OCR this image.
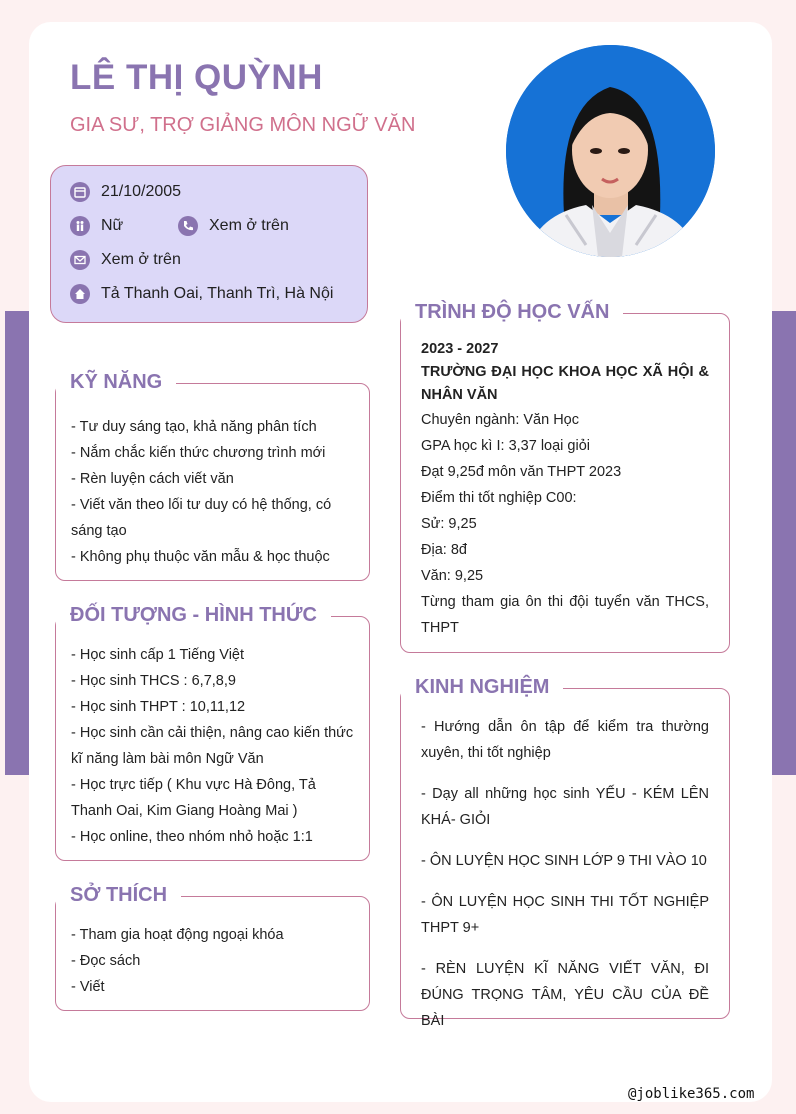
LÊ THỊ QUỲNH
GIA SƯ, TRỢ GIẢNG MÔN NGỮ VĂN
21/10/2005
Nữ	Xem ở trên
Xem ở trên
Tả Thanh Oai, Thanh Trì, Hà Nội
KỸ NĂNG
- Tư duy sáng tạo, khả năng phân tích
- Nắm chắc kiến thức chương trình mới
- Rèn luyện cách viết văn
- Viết văn theo lối tư duy có hệ thống, có sáng tạo
- Không phụ thuộc văn mẫu & học thuộc
ĐỐI TƯỢNG - HÌNH THỨC
- Học sinh cấp 1 Tiếng Việt
- Học sinh THCS : 6,7,8,9
- Học sinh THPT : 10,11,12
- Học sinh cần cải thiện, nâng cao kiến thức kĩ năng làm bài môn Ngữ Văn
- Học trực tiếp ( Khu vực Hà Đông, Tả Thanh Oai, Kim Giang Hoàng Mai )
- Học online, theo nhóm nhỏ hoặc 1:1
SỞ THÍCH
- Tham gia hoạt động ngoại khóa
- Đọc sách
- Viết
TRÌNH ĐỘ HỌC VẤN
2023 - 2027
TRƯỜNG ĐẠI HỌC KHOA HỌC XÃ HỘI & NHÂN VĂN
Chuyên ngành: Văn Học
GPA học kì I: 3,37 loại giỏi
Đạt 9,25đ môn văn THPT 2023
Điểm thi tốt nghiệp C00:
Sử: 9,25
Địa: 8đ
Văn: 9,25
Từng tham gia ôn thi đội tuyển văn THCS, THPT
KINH NGHIỆM
- Hướng dẫn ôn tập để kiểm tra thường xuyên, thi tốt nghiệp
- Dạy all những học sinh YẾU - KÉM LÊN KHÁ- GIỎI
- ÔN LUYỆN HỌC SINH LỚP 9 THI VÀO 10
- ÔN LUYỆN HỌC SINH THI TỐT NGHIỆP THPT 9+
- RÈN LUYỆN KĨ NĂNG VIẾT VĂN, ĐI ĐÚNG TRỌNG TÂM, YÊU CẦU CỦA ĐỀ BÀI
@joblike365.com
